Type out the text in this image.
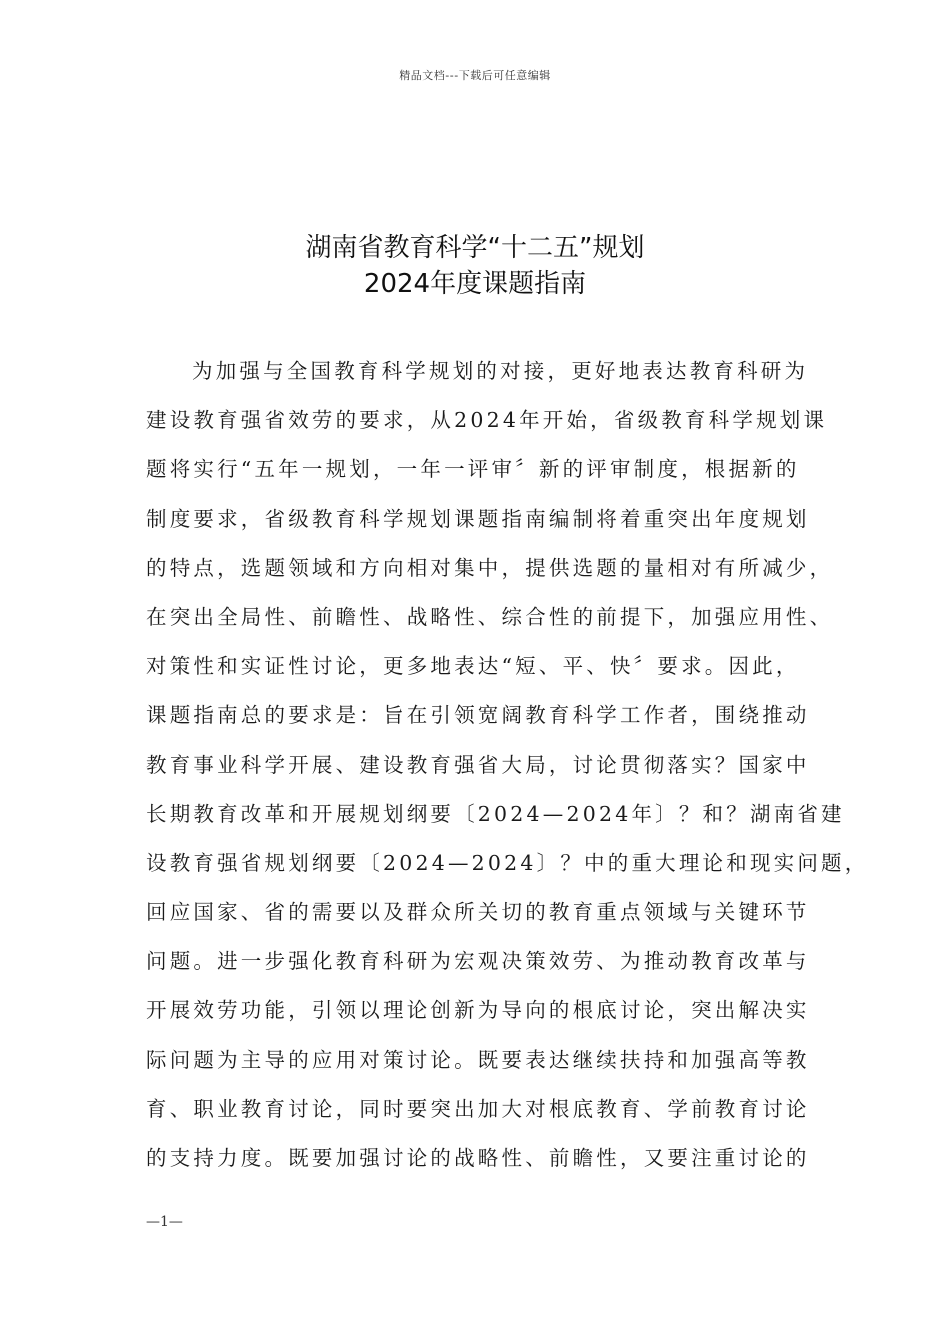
精品文档---下载后可任意编辑
湖南省教育科学“十二五”规划
2024年度课题指南
为加强与全国教育科学规划的对接，更好地表达教育科研为
建设教育强省效劳的要求，从2024年开始，省级教育科学规划课
题将实行“五年一规划，一年一评审〞新的评审制度，根据新的
制度要求，省级教育科学规划课题指南编制将着重突出年度规划
的特点，选题领域和方向相对集中，提供选题的量相对有所减少，
在突出全局性、前瞻性、战略性、综合性的前提下，加强应用性、
对策性和实证性讨论，更多地表达“短、平、快〞要求。因此，
课题指南总的要求是：旨在引领宽阔教育科学工作者，围绕推动
教育事业科学开展、建设教育强省大局，讨论贯彻落实？国家中
长期教育改革和开展规划纲要〔2024—2024年〕？和？湖南省建
设教育强省规划纲要〔2024—2024〕？中的重大理论和现实问题，
回应国家、省的需要以及群众所关切的教育重点领域与关键环节
问题。进一步强化教育科研为宏观决策效劳、为推动教育改革与
开展效劳功能，引领以理论创新为导向的根底讨论，突出解决实
际问题为主导的应用对策讨论。既要表达继续扶持和加强高等教
育、职业教育讨论，同时要突出加大对根底教育、学前教育讨论
的支持力度。既要加强讨论的战略性、前瞻性，又要注重讨论的
—1—
